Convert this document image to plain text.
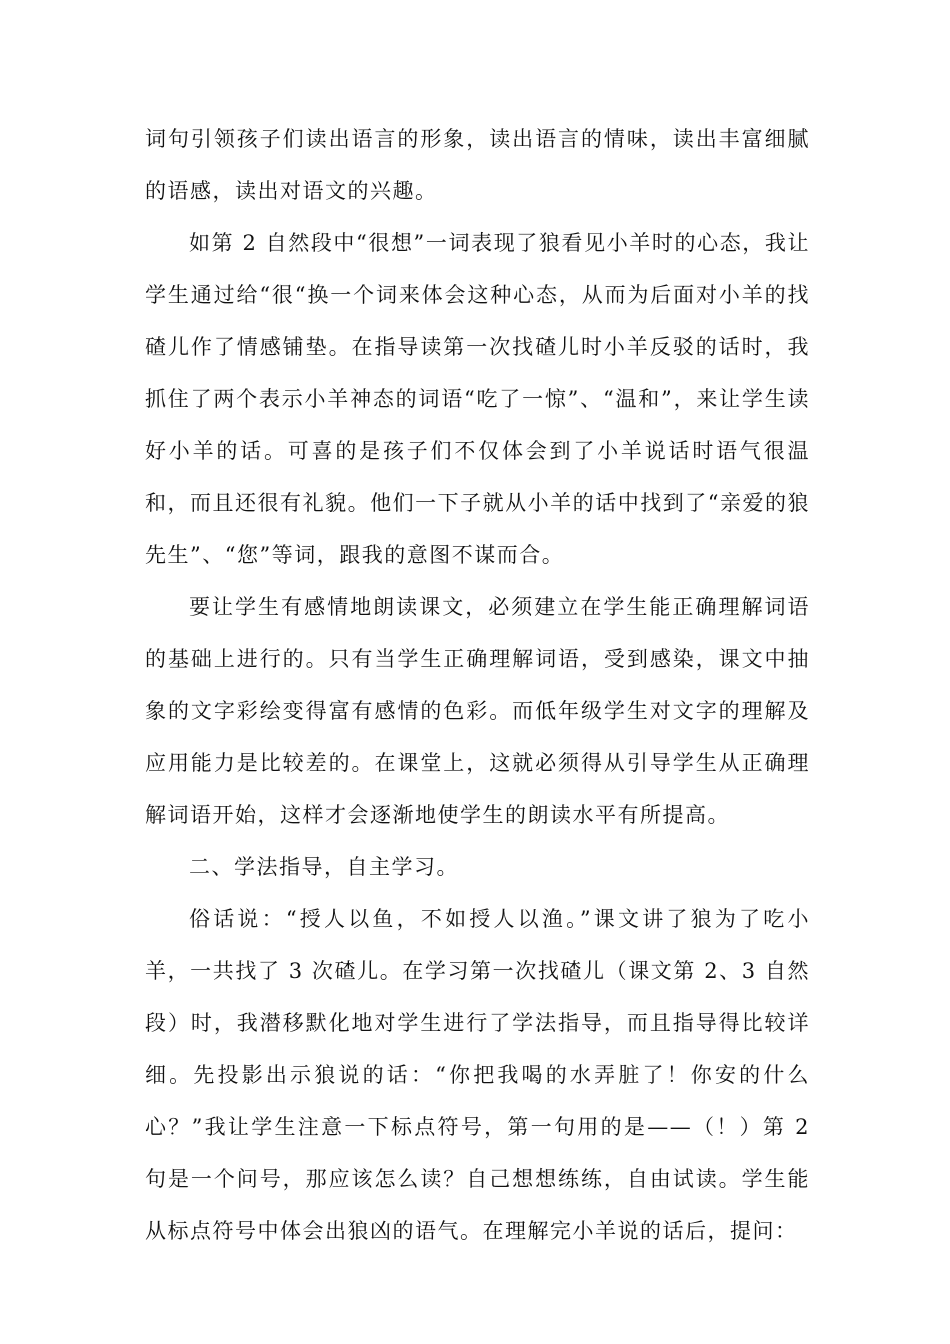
词句引领孩子们读出语言的形象，读出语言的情味，读出丰富细腻的语感，读出对语文的兴趣。

如第 2 自然段中“很想”一词表现了狼看见小羊时的心态，我让学生通过给“很“换一个词来体会这种心态，从而为后面对小羊的找碴儿作了情感铺垫。在指导读第一次找碴儿时小羊反驳的话时，我抓住了两个表示小羊神态的词语“吃了一惊”、“温和”，来让学生读好小羊的话。可喜的是孩子们不仅体会到了小羊说话时语气很温和，而且还很有礼貌。他们一下子就从小羊的话中找到了“亲爱的狼先生”、“您”等词，跟我的意图不谋而合。

要让学生有感情地朗读课文，必须建立在学生能正确理解词语的基础上进行的。只有当学生正确理解词语，受到感染，课文中抽象的文字彩绘变得富有感情的色彩。而低年级学生对文字的理解及应用能力是比较差的。在课堂上，这就必须得从引导学生从正确理解词语开始，这样才会逐渐地使学生的朗读水平有所提高。

二、学法指导，自主学习。

俗话说：“授人以鱼，不如授人以渔。”课文讲了狼为了吃小羊，一共找了 3 次碴儿。在学习第一次找碴儿（课文第 2、3 自然段）时，我潜移默化地对学生进行了学法指导，而且指导得比较详细。先投影出示狼说的话：“你把我喝的水弄脏了！你安的什么心？”我让学生注意一下标点符号，第一句用的是——（！）第 2 句是一个问号，那应该怎么读？自己想想练练，自由试读。学生能从标点符号中体会出狼凶的语气。在理解完小羊说的话后，提问：
